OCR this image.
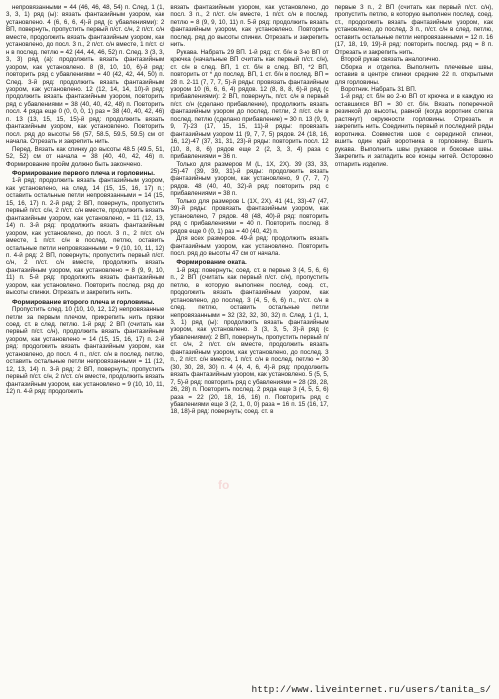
непровязанными = 44 (46, 46, 48, 54) п. След. 1 (1, 3, 3, 1) ряд (ы): вязать фантазийным узором, как установлено. 4 (6, 6, 6, 4)-й ряд (с убавлениями): 2 ВП, повернуть, пропустить первый п/ст. с/н, 2 п/ст. с/н вместе, продолжить вязать фантазийным узором, как установлено, до посл. 3 п., 2 п/ст. с/н вместе, 1 п/ст. с/н в послед. петлю = 42 (44, 44, 46, 52) п. След. 3 (3, 3, 3, 3) ряд (а): продолжить вязать фантазийным узором, как установлено. 8 (8, 10, 10, 6)-й ряд: повторить ряд с убавлениями = 40 (42, 42, 44, 50) п. След. 3-й ряд: продолжить вязать фантазийным узором, как установлено. 12 (12, 14, 14, 10)-й ряд: продолжить вязать фантазийным узором, повторить ряд с убавлениями = 38 (40, 40, 42, 48) п. Повторить посл. 4 ряда еще 0 (0, 0, 0, 1) раз = 38 (40, 40, 42, 46) п. 13 (13, 15, 15, 15)-й ряд: продолжить вязать фантазийным узором, как установлено. Повторить посл. ряд до высоты 56 (57, 58.5, 59.5, 59.5) см от начала. Отрезать и закрепить нить.

Перед. Вязать как спинку до высоты 48.5 (49.5, 51, 52, 52) см от начала = 38 (40, 40, 42, 46) п. Формирование пройм должно быть закончено.

Формирование первого плеча и горловины.

1-й ряд: продолжить вязать фантазийным узором, как установлено, на след. 14 (15, 15, 16, 17) п.; оставить остальные петли непровязанными = 14 (15, 15, 16, 17) п. 2-й ряд: 2 ВП, повернуть, пропустить первый п/ст. с/н, 2 п/ст. с/н вместе, продолжить вязать фантазийным узором, как установлено, = 11 (12, 13, 14) п. 3-й ряд: продолжить вязать фантазийным узором, как установлено, до посл. 3 п., 2 п/ст. с/н вместе, 1 п/ст. с/н в послед. петлю, оставить остальные петли непровязанными = 9 (10, 10, 11, 12) п. 4-й ряд: 2 ВП, повернуть; пропустить первый п/ст. с/н, 2 п/ст. с/н вместе, продолжить вязать фантазийным узором, как установлено = 8 (9, 9, 10, 11) п. 5-й ряд: продолжить вязать фантазийным узором, как установлено. Повторить послед. ряд до высоты спинки. Отрезать и закрепить нить.

Формирование второго плеча и горловины.

Пропустить след. 10 (10, 10, 12, 12) непровязанные петли за первым плечом, прикрепить нить пряжи соед. ст. в след. петлю. 1-й ряд: 2 ВП (считать как первый п/ст. с/н), продолжить вязать фантазийным узором, как установлено = 14 (15, 15, 16, 17) п. 2-й ряд: продолжить вязать фантазийным узором, как установлено, до посл. 4 п., п/ст. с/н в послед. петлю, оставить остальные петли непровязанными = 11 (12, 12, 13, 14) п. 3-й ряд: 2 ВП, повернуть; пропустить первый п/ст. с/н, 2 п/ст. с/н вместе, продолжить вязать фантазийным узором, как установлено = 9 (10, 10, 11, 12) п. 4-й ряд: продолжить

вязать фантазийным узором, как установлено, до посл. 3 п., 2 п/ст. с/н вместе, 1 п/ст. с/н в послед. петлю = 8 (9, 9, 10, 11) п. 5-й ряд: продолжить вязать фантазийным узором, как установлено. Повторить послед. ряд до высоты спинки. Отрезать и закрепить нить.

Рукава. Набрать 29 ВП. 1-й ряд: ст. б/н в 3-ю ВП от крючка (начальные ВП считать как первый п/ст. с/н), ст. с/н в след. ВП, 1 ст. б/н в след. ВП, *2 ВП, повторить от * до послед. ВП, 1 ст. б/н в послед. ВП = 28 п. 2-11 (7, 7, 7, 5)-й ряды: провязать фантазийным узором 10 (6, 6, 6, 4) рядов. 12 (8, 8, 8, 6)-й ряд (с прибавлениями): 2 ВП, повернуть, п/ст. с/н в первый п/ст. с/н (сделано прибавление), продолжить вязать фантазийным узором до послед. петли, 2 п/ст. с/н в послед. петлю (сделано прибавление) = 30 п. 13 (9, 9, 9, 7)-23 (17, 15, 15, 11)-й ряды: провязать фантазийным узором 11 (9, 7, 7, 5) рядов. 24 (18, 16, 16, 12)-47 (37, 31, 31, 23)-й ряды: повторить посл. 12 (10, 8, 8, 6) рядов еще 2 (2, 3, 3, 4) раза с прибавлениями = 36 п.

Только для размеров M (L, 1X, 2X). 39 (33, 33, 25)-47 (39, 39, 31)-й ряды: продолжить вязать фантазийным узором, как установлено, 9 (7, 7, 7) рядов. 48 (40, 40, 32)-й ряд: повторить ряд с прибавлениями = 38 п.

Только для размеров L (1X, 2X). 41 (41, 33)-47 (47, 39)-й ряды: провязать фантазийным узором, как установлено, 7 рядов. 48 (48, 40)-й ряд: повторить ряд с прибавлениями = 40 п. Повторить послед. 8 рядов еще 0 (0, 1) раз = 40 (40, 42) п.

Для всех размеров. 49-й ряд: продолжить вязать фантазийным узором, как установлено. Повторить посл. ряд до высоты 47 см от начала.

Формирование оката.

1-й ряд: повернуть; соед. ст. в первые 3 (4, 5, 6, 6) п., 2 ВП (считать как первый п/ст. с/н), пропустить петлю, в которую выполнен послед. соед. ст., продолжить вязать фантазийным узором, как установлено, до послед. 3 (4, 5, 6, 6) п., п/ст. с/н в след. петлю, оставить остальные петли непровязанными = 32 (32, 32, 30, 32) п. След. 1 (1, 1, 3, 1) ряд (ы): продолжить вязать фантазийным узором, как установлено. 3 (3, 3, 5, 3)-й ряд (с убавлениями): 2 ВП, повернуть, пропустить первый п/ст. с/н, 2 п/ст. с/н вместе, продолжить вязать фантазийным узором, как установлено, до послед. 3 п., 2 п/ст. с/н вместе, 1 п/ст. с/н в послед. петлю = 30 (30, 30, 28, 30) п. 4 (4, 4, 6, 4)-й ряд: продолжить вязать фантазийным узором, как установлено. 5 (5, 5, 7, 5)-й ряд: повторить ряд с убавлениями = 28 (28, 28, 26, 28) п. Повторить послед. 2 ряда еще 3 (4, 5, 5, 6) раза = 22 (20, 18, 16, 16) п. Повторить ряд с убавлениями еще 3 (2, 1, 0, 0) раза = 16 п. 15 (16, 17, 18, 18)-й ряд: повернуть; соед. ст. в

первые 3 п., 2 ВП (считать как первый п/ст. с/н), пропустить петлю, в которую выполнен послед. соед. ст., продолжить вязать фантазийным узором, как установлено, до послед. 3 п., п/ст. с/н в след. петлю, оставить остальные петли непровязанными = 12 п. 16 (17, 18, 19, 19)-й ряд: повторить послед. ряд = 8 п. Отрезать и закрепить нить.

Второй рукав связать аналогично.

Сборка и отделка. Выполнить плечевые швы, оставив в центре спинки средние 22 п. открытыми для горловины.

Воротник. Набрать 31 ВП.

1-й ряд: ст. б/н во 2-ю ВП от крючка и в каждую из оставшихся ВП = 30 ст. б/н. Вязать поперечной резинкой до высоты, равной (когда воротник слегка растянут) окружности горловины. Отрезать и закрепить нить. Соединить первый и последний ряды воротника. Совместив шов с серединой спинки, вшить один край воротника в горловину. Вшить рукава. Выполнить швы рукавов и боковые швы. Закрепить и загладить все концы нитей. Осторожно отпарить изделие.

fo
http://www.liveinternet.ru/users/tanita_s/
